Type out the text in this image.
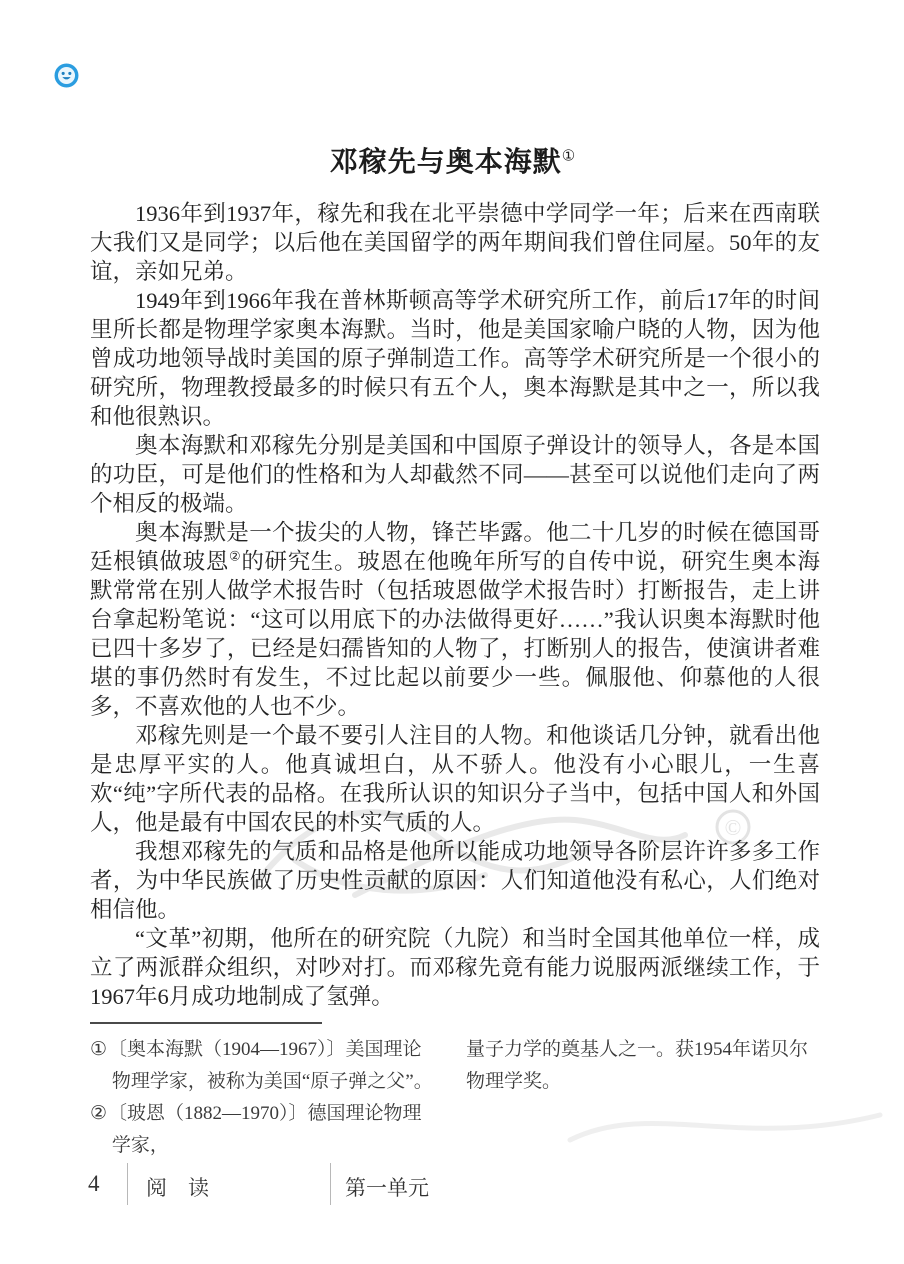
©
邓稼先与奥本海默①

1936年到1937年，稼先和我在北平崇德中学同学一年；后来在西南联大我们又是同学；以后他在美国留学的两年期间我们曾住同屋。50年的友谊，亲如兄弟。

1949年到1966年我在普林斯顿高等学术研究所工作，前后17年的时间里所长都是物理学家奥本海默。当时，他是美国家喻户晓的人物，因为他曾成功地领导战时美国的原子弹制造工作。高等学术研究所是一个很小的研究所，物理教授最多的时候只有五个人，奥本海默是其中之一，所以我和他很熟识。

奥本海默和邓稼先分别是美国和中国原子弹设计的领导人，各是本国的功臣，可是他们的性格和为人却截然不同——甚至可以说他们走向了两个相反的极端。

奥本海默是一个拔尖的人物，锋芒毕露。他二十几岁的时候在德国哥廷根镇做玻恩②的研究生。玻恩在他晚年所写的自传中说，研究生奥本海默常常在别人做学术报告时（包括玻恩做学术报告时）打断报告，走上讲台拿起粉笔说：“这可以用底下的办法做得更好……”我认识奥本海默时他已四十多岁了，已经是妇孺皆知的人物了，打断别人的报告，使演讲者难堪的事仍然时有发生，不过比起以前要少一些。佩服他、仰慕他的人很多，不喜欢他的人也不少。

邓稼先则是一个最不要引人注目的人物。和他谈话几分钟，就看出他是忠厚平实的人。他真诚坦白，从不骄人。他没有小心眼儿，一生喜欢“纯”字所代表的品格。在我所认识的知识分子当中，包括中国人和外国人，他是最有中国农民的朴实气质的人。

我想邓稼先的气质和品格是他所以能成功地领导各阶层许许多多工作者，为中华民族做了历史性贡献的原因：人们知道他没有私心，人们绝对相信他。

“文革”初期，他所在的研究院（九院）和当时全国其他单位一样，成立了两派群众组织，对吵对打。而邓稼先竟有能力说服两派继续工作，于1967年6月成功地制成了氢弹。

①〔奥本海默（1904—1967）〕美国理论物理学家，被称为美国“原子弹之父”。

②〔玻恩（1882—1970）〕德国理论物理学家，

量子力学的奠基人之一。获1954年诺贝尔物理学奖。

4 阅　读	第一单元
